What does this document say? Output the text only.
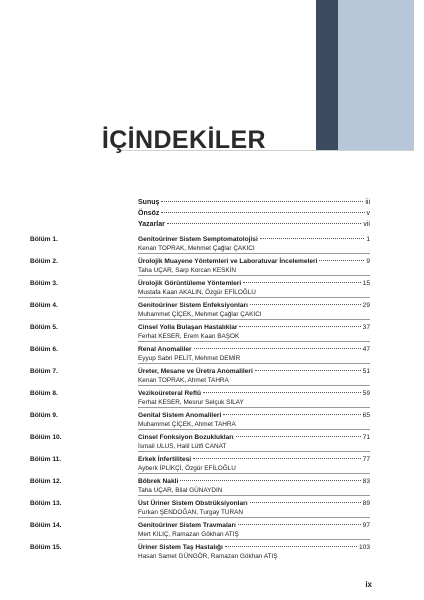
İÇİNDEKİLER
Sunuş	iii
Önsöz	v
Yazarlar	vii
Bölüm 1.	Genitoüriner Sistem Semptomatolojisi	1
Kenan TOPRAK, Mehmet Çağlar ÇAKICI
Bölüm 2.	Ürolojik Muayene Yöntemleri ve Laboratuvar İncelemeleri	9
Taha UÇAR, Sarp Korcan KESKİN
Bölüm 3.	Ürolojik Görüntüleme Yöntemleri	15
Mustafa Kaan AKALIN, Özgür EFİLOĞLU
Bölüm 4.	Genitoüriner Sistem Enfeksiyonları	29
Muhammet ÇİÇEK, Mehmet Çağlar ÇAKICI
Bölüm 5.	Cinsel Yolla Bulaşan Hastalıklar	37
Ferhat KESER, Erem Kaan BAŞOK
Bölüm 6.	Renal Anomaliler	47
Eyyup Sabri PELİT, Mehmet DEMİR
Bölüm 7.	Üreter, Mesane ve Üretra Anomalileri	51
Kenan TOPRAK, Ahmet TAHRA
Bölüm 8.	Vezikoüreteral Reflü	59
Ferhat KESER, Mesrur Selçuk SILAY
Bölüm 9.	Genital Sistem Anomalileri	65
Muhammet ÇİÇEK, Ahmet TAHRA
Bölüm 10.	Cinsel Fonksiyon Bozuklukları	71
İsmail ULUS, Halil Lütfi CANAT
Bölüm 11.	Erkek İnfertilitesi	77
Ayberk İPLİKÇİ, Özgür EFİLOĞLU
Bölüm 12.	Böbrek Nakli	83
Taha UÇAR, Bilal GÜNAYDIN
Bölüm 13.	Üst Üriner Sistem Obstrüksiyonları	89
Furkan ŞENDOĞAN, Turgay TURAN
Bölüm 14.	Genitoüriner Sistem Travmaları	97
Mert KILIÇ, Ramazan Gökhan ATIŞ
Bölüm 15.	Üriner Sistem Taş Hastalığı	103
Hasan Samet GÜNGÖR, Ramazan Gökhan ATIŞ
ix
